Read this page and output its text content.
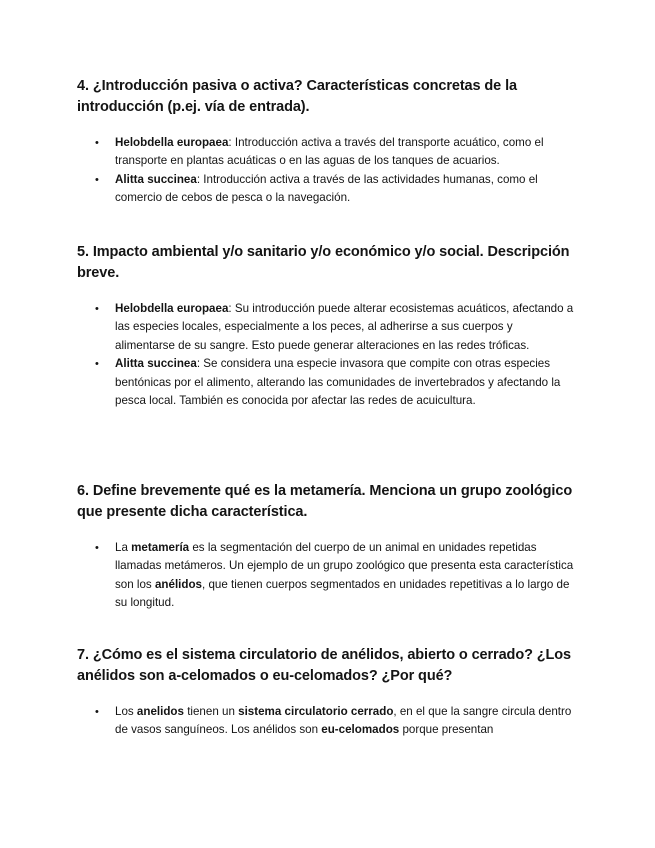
4. ¿Introducción pasiva o activa? Características concretas de la introducción (p.ej. vía de entrada).
• Helobdella europaea: Introducción activa a través del transporte acuático, como el transporte en plantas acuáticas o en las aguas de los tanques de acuarios.
• Alitta succinea: Introducción activa a través de las actividades humanas, como el comercio de cebos de pesca o la navegación.
5. Impacto ambiental y/o sanitario y/o económico y/o social. Descripción breve.
• Helobdella europaea: Su introducción puede alterar ecosistemas acuáticos, afectando a las especies locales, especialmente a los peces, al adherirse a sus cuerpos y alimentarse de su sangre. Esto puede generar alteraciones en las redes tróficas.
• Alitta succinea: Se considera una especie invasora que compite con otras especies bentónicas por el alimento, alterando las comunidades de invertebrados y afectando la pesca local. También es conocida por afectar las redes de acuicultura.
6. Define brevemente qué es la metamería. Menciona un grupo zoológico que presente dicha característica.
• La metamería es la segmentación del cuerpo de un animal en unidades repetidas llamadas metámeros. Un ejemplo de un grupo zoológico que presenta esta característica son los anélidos, que tienen cuerpos segmentados en unidades repetitivas a lo largo de su longitud.
7. ¿Cómo es el sistema circulatorio de anélidos, abierto o cerrado? ¿Los anélidos son a-celomados o eu-celomados? ¿Por qué?
• Los anelidos tienen un sistema circulatorio cerrado, en el que la sangre circula dentro de vasos sanguíneos. Los anélidos son eu-celomados porque presentan
